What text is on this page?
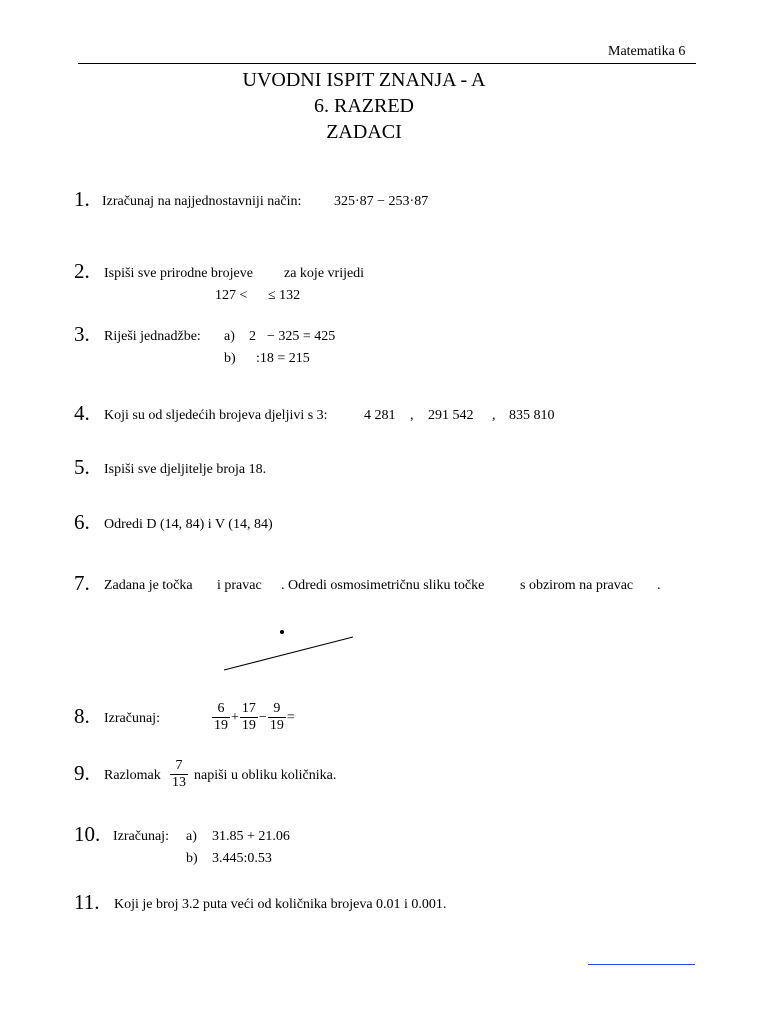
Matematika 6
UVODNI ISPIT ZNANJA - A
6. RAZRED
ZADACI
1. Izračunaj na najjednostavniji način: 325·87 − 253·87
2. Ispiši sve prirodne brojeve za koje vrijedi
127 < ≤ 132
3. Riješi jednadžbe: a) 2 − 325 = 425
b) :18 = 215
4. Koji su od sljedećih brojeva djeljivi s 3:	4 281 , 291 542 , 835 810
5. Ispiši sve djeljitelje broja 18.
6. Odredi D (14, 84) i V (14, 84)
7. Zadana je točka i pravac . Odredi osmosimetričnu sliku točke	s obzirom na pravac .
8. Izračunaj:	$\frac{6}{19} + \frac{17}{19} - \frac{9}{19}$ =
9. Razlomak $\frac{7}{13}$ napiši u obliku količnika.
10. Izračunaj: a) 31.85 + 21.06
b) 3.445:0.53
11. Koji je broj 3.2 puta veći od količnika brojeva 0.01 i 0.001.
